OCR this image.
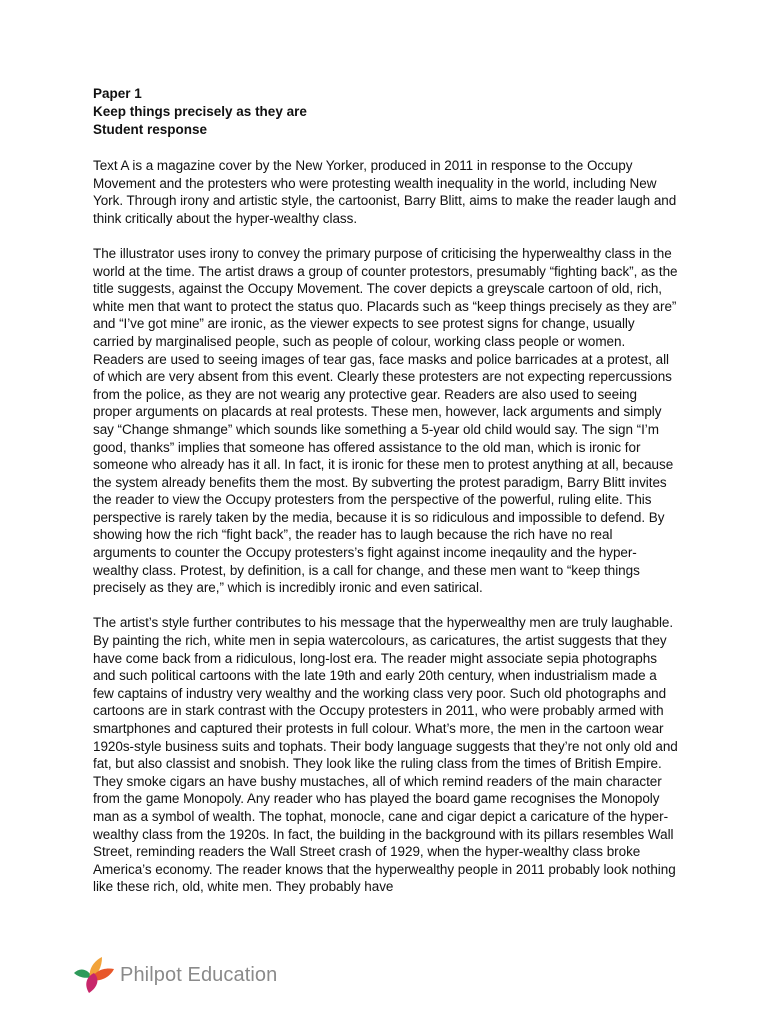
Paper 1

Keep things precisely as they are

Student response

Text A is a magazine cover by the New Yorker, produced in 2011 in response to the Occupy Movement and the protesters who were protesting wealth inequality in the world, including New York. Through irony and artistic style, the cartoonist, Barry Blitt, aims to make the reader laugh and think critically about the hyper-wealthy class.

The illustrator uses irony to convey the primary purpose of criticising the hyperwealthy class in the world at the time. The artist draws a group of counter protestors, presumably “fighting back”, as the title suggests, against the Occupy Movement. The cover depicts a greyscale cartoon of old, rich, white men that want to protect the status quo. Placards such as “keep things precisely as they are” and “I’ve got mine” are ironic, as the viewer expects to see protest signs for change, usually carried by marginalised people, such as people of colour, working class people or women. Readers are used to seeing images of tear gas, face masks and police barricades at a protest, all of which are very absent from this event. Clearly these protesters are not expecting repercussions from the police, as they are not wearig any protective gear. Readers are also used to seeing proper arguments on placards at real protests. These men, however, lack arguments and simply say “Change shmange” which sounds like something a 5-year old child would say. The sign “I’m good, thanks” implies that someone has offered assistance to the old man, which is ironic for someone who already has it all. In fact, it is ironic for these men to protest anything at all, because the system already benefits them the most. By subverting the protest paradigm, Barry Blitt invites the reader to view the Occupy protesters from the perspective of the powerful, ruling elite. This perspective is rarely taken by the media, because it is so ridiculous and impossible to defend. By showing how the rich “fight back”, the reader has to laugh because the rich have no real arguments to counter the Occupy protesters’s fight against income ineqaulity and the hyper-wealthy class. Protest, by definition, is a call for change, and these men want to “keep things precisely as they are,” which is incredibly ironic and even satirical.

The artist’s style further contributes to his message that the hyperwealthy men are truly laughable. By painting the rich, white men in sepia watercolours, as caricatures, the artist suggests that they have come back from a ridiculous, long-lost era. The reader might associate sepia photographs and such political cartoons with the late 19th and early 20th century, when industrialism made a few captains of industry very wealthy and the working class very poor. Such old photographs and cartoons are in stark contrast with the Occupy protesters in 2011, who were probably armed with smartphones and captured their protests in full colour. What’s more, the men in the cartoon wear 1920s-style business suits and tophats. Their body language suggests that they’re not only old and fat, but also classist and snobish. They look like the ruling class from the times of British Empire. They smoke cigars an have bushy mustaches, all of which remind readers of the main character from the game Monopoly. Any reader who has played the board game recognises the Monopoly man as a symbol of wealth. The tophat, monocle, cane and cigar depict a caricature of the hyper-wealthy class from the 1920s. In fact, the building in the background with its pillars resembles Wall Street, reminding readers the Wall Street crash of 1929, when the hyper-wealthy class broke America’s economy. The reader knows that the hyperwealthy people in 2011 probably look nothing like these rich, old, white men. They probably have

Philpot Education
